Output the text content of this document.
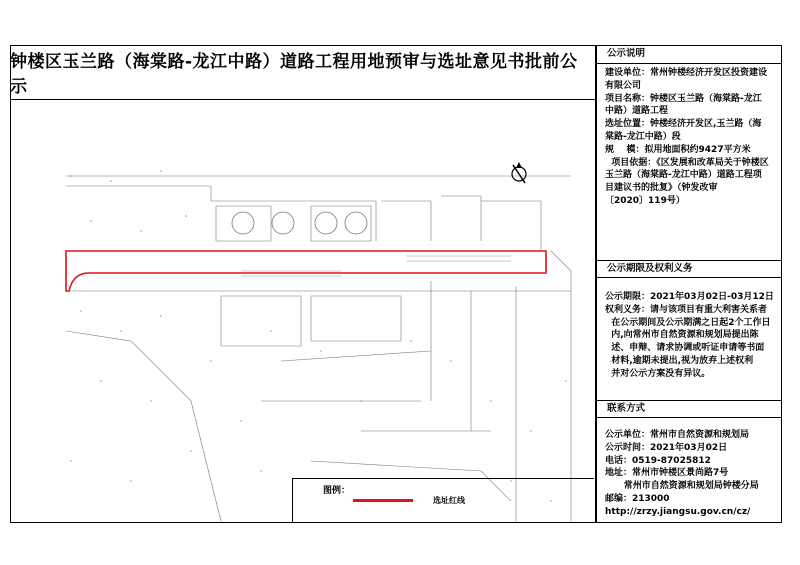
钟楼区玉兰路（海棠路-龙江中路）道路工程用地预审与选址意见书批前公示
图例：
选址红线
公示说明
建设单位：常州钟楼经济开发区投资建设
有限公司
项目名称：钟楼区玉兰路（海棠路-龙江
中路）道路工程
选址位置：钟楼经济开发区,玉兰路（海
棠路-龙江中路）段
规    模：拟用地面积约9427平方米
项目依据：《区发展和改革局关于钟楼区
玉兰路（海棠路-龙江中路）道路工程项
目建议书的批复》（钟发改审
〔2020〕119号）
公示期限及权利义务
公示期限：2021年03月02日-03月12日
权利义务：请与该项目有重大利害关系者
在公示期间及公示期满之日起2个工作日
内,向常州市自然资源和规划局提出陈
述、申辩、请求协调或听证申请等书面
材料,逾期未提出,视为放弃上述权利
并对公示方案没有异议。
联系方式
公示单位：常州市自然资源和规划局
公示时间：2021年03月02日
电话：0519-87025812
地址：常州市钟楼区景尚路7号
常州市自然资源和规划局钟楼分局
邮编：213000
http://zrzy.jiangsu.gov.cn/cz/
